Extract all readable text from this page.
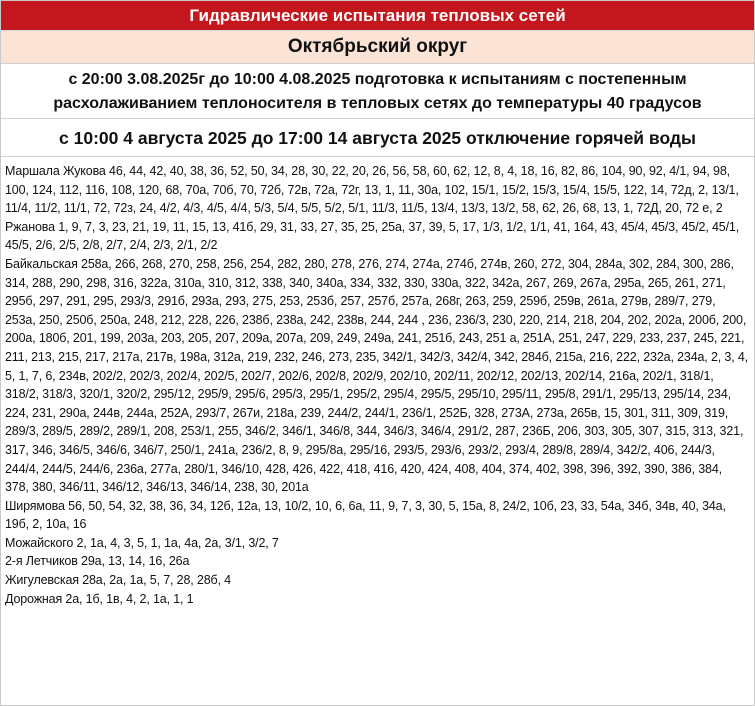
Гидравлические испытания тепловых сетей
Октябрьский округ
с 20:00 3.08.2025г до 10:00 4.08.2025 подготовка к испытаниям с постепенным расхолаживанием теплоносителя в тепловых сетях до температуры 40 градусов
с 10:00 4 августа 2025 до 17:00 14 августа 2025 отключение горячей воды

Маршала Жукова 46, 44, 42, 40, 38, 36, 52, 50, 34, 28, 30, 22, 20, 26, 56, 58, 60, 62, 12, 8, 4, 18, 16, 82, 86, 104, 90, 92, 4/1, 94, 98, 100, 124, 112, 116, 108, 120, 68, 70а, 70б, 70, 72б, 72в, 72а, 72г, 13, 1, 11, 30а, 102, 15/1, 15/2, 15/3, 15/4, 15/5, 122, 14, 72д, 2, 13/1, 11/4, 11/2, 11/1, 72, 72з, 24, 4/2, 4/3, 4/5, 4/4, 5/3, 5/4, 5/5, 5/2, 5/1, 11/3, 11/5, 13/4, 13/3, 13/2, 58, 62, 26, 68, 13, 1, 72Д, 20, 72 е, 2

Ржанова 1, 9, 7, 3, 23, 21, 19, 11, 15, 13, 41б, 29, 31, 33, 27, 35, 25, 25а, 37, 39, 5, 17, 1/3, 1/2, 1/1, 41, 164, 43, 45/4, 45/3, 45/2, 45/1, 45/5, 2/6, 2/5, 2/8, 2/7, 2/4, 2/3, 2/1, 2/2

Байкальская 258а, 266, 268, 270, 258, 256, 254, 282, 280, 278, 276, 274, 274а, 274б, 274в, 260, 272, 304, 284а, 302, 284, 300, 286, 314, 288, 290, 298, 316, 322а, 310а, 310, 312, 338, 340, 340а, 334, 332, 330, 330а, 322, 342а, 267, 269, 267а, 295а, 265, 261, 271, 295б, 297, 291, 295, 293/3, 291б, 293а, 293, 275, 253, 253б, 257, 257б, 257а, 268г, 263, 259, 259б, 259в, 261а, 279в, 289/7, 279, 253а, 250, 250б, 250а, 248, 212, 228, 226, 238б, 238а, 242, 238в, 244, 244 , 236, 236/3, 230, 220, 214, 218, 204, 202, 202а, 200б, 200, 200а, 180б, 201, 199, 203а, 203, 205, 207, 209а, 207а, 209, 249, 249а, 241, 251б, 243, 251 а, 251А, 251, 247, 229, 233, 237, 245, 221, 211, 213, 215, 217, 217а, 217в, 198а, 312а, 219, 232, 246, 273, 235, 342/1, 342/3, 342/4, 342, 284б, 215а, 216, 222, 232а, 234а, 2, 3, 4, 5, 1, 7, 6, 234в, 202/2, 202/3, 202/4, 202/5, 202/7, 202/6, 202/8, 202/9, 202/10, 202/11, 202/12, 202/13, 202/14, 216а, 202/1, 318/1, 318/2, 318/3, 320/1, 320/2, 295/12, 295/9, 295/6, 295/3, 295/1, 295/2, 295/4, 295/5, 295/10, 295/11, 295/8, 291/1, 295/13, 295/14, 234, 224, 231, 290а, 244в, 244а, 252А, 293/7, 267и, 218а, 239, 244/2, 244/1, 236/1, 252Б, 328, 273А, 273а, 265в, 15, 301, 311, 309, 319, 289/3, 289/5, 289/2, 289/1, 208, 253/1, 255, 346/2, 346/1, 346/8, 344, 346/3, 346/4, 291/2, 287, 236Б, 206, 303, 305, 307, 315, 313, 321, 317, 346, 346/5, 346/6, 346/7, 250/1, 241а, 236/2, 8, 9, 295/8а, 295/16, 293/5, 293/6, 293/2, 293/4, 289/8, 289/4, 342/2, 406, 244/3, 244/4, 244/5, 244/6, 236а, 277а, 280/1, 346/10, 428, 426, 422, 418, 416, 420, 424, 408, 404, 374, 402, 398, 396, 392, 390, 386, 384, 378, 380, 346/11, 346/12, 346/13, 346/14, 238, 30, 201а

Ширямова 56, 50, 54, 32, 38, 36, 34, 12б, 12а, 13, 10/2, 10, 6, 6а, 11, 9, 7, 3, 30, 5, 15а, 8, 24/2, 10б, 23, 33, 54а, 34б, 34в, 40, 34а, 19б, 2, 10а, 16

Можайского 2, 1а, 4, 3, 5, 1, 1а, 4а, 2а, 3/1, 3/2, 7

2-я Летчиков 29а, 13, 14, 16, 26а

Жигулевская 28а, 2а, 1а, 5, 7, 28, 28б, 4

Дорожная 2а, 1б, 1в, 4, 2, 1а, 1, 1
